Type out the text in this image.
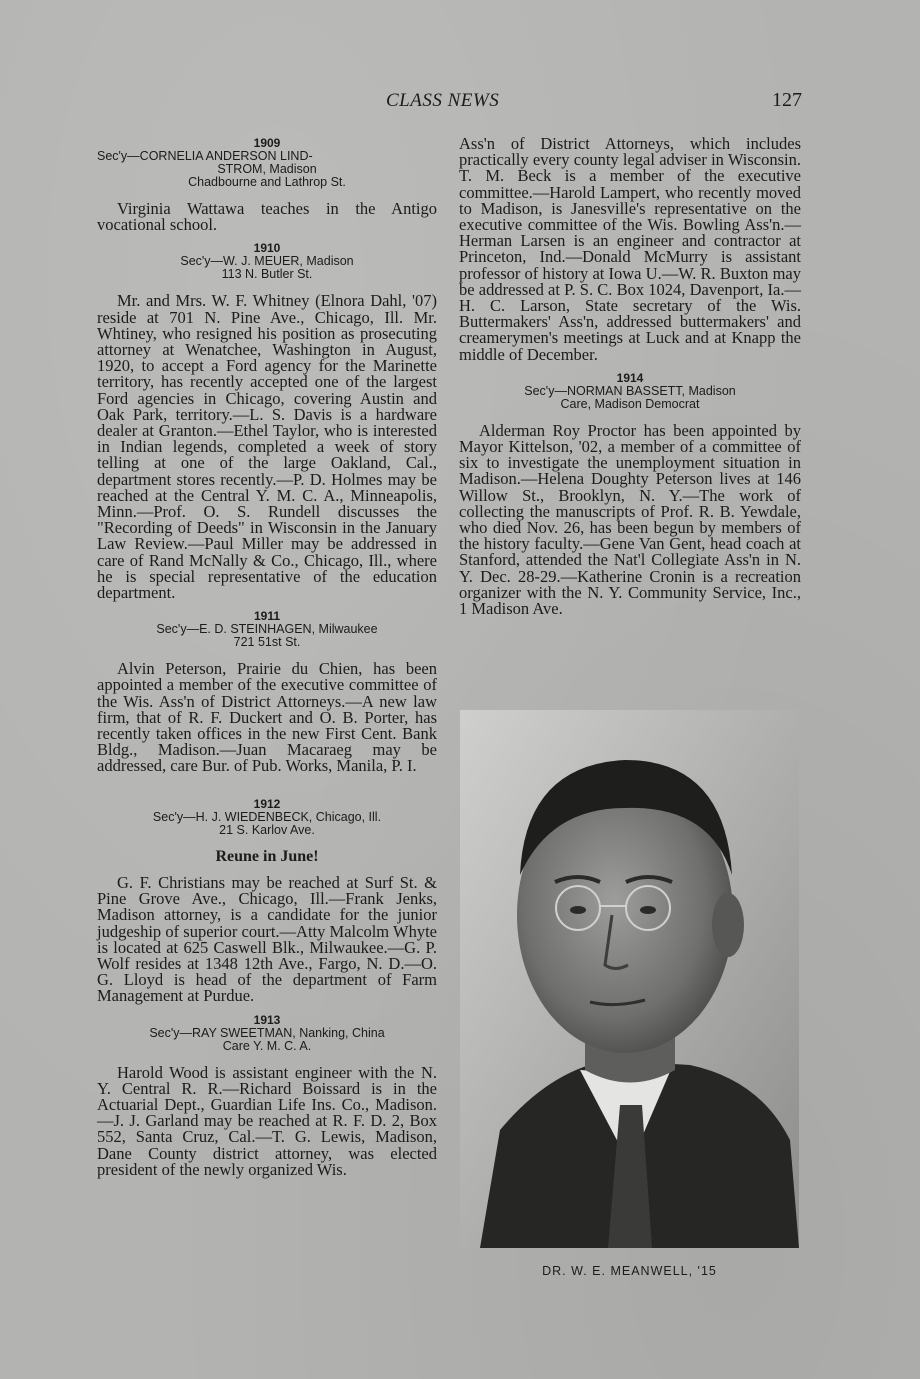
CLASS NEWS	127
1909
Sec'y—CORNELIA ANDERSON LIND-
STROM, Madison
Chadbourne and Lathrop St.

Virginia Wattawa teaches in the Antigo vocational school.

1910
Sec'y—W. J. MEUER, Madison
113 N. Butler St.

Mr. and Mrs. W. F. Whitney (Elnora Dahl, '07) reside at 701 N. Pine Ave., Chicago, Ill. Mr. Whtiney, who resigned his position as prosecuting attorney at Wenatchee, Washington in August, 1920, to accept a Ford agency for the Marinette territory, has recently accepted one of the largest Ford agencies in Chicago, covering Austin and Oak Park, territory.—L. S. Davis is a hardware dealer at Granton.—Ethel Taylor, who is interested in Indian legends, completed a week of story telling at one of the large Oakland, Cal., department stores recently.—P. D. Holmes may be reached at the Central Y. M. C. A., Minneapolis, Minn.—Prof. O. S. Rundell discusses the "Recording of Deeds" in Wisconsin in the January Law Review.—Paul Miller may be addressed in care of Rand McNally & Co., Chicago, Ill., where he is special representative of the education department.

1911
Sec'y—E. D. STEINHAGEN, Milwaukee
721 51st St.

Alvin Peterson, Prairie du Chien, has been appointed a member of the executive committee of the Wis. Ass'n of District Attorneys.—A new law firm, that of R. F. Duckert and O. B. Porter, has recently taken offices in the new First Cent. Bank Bldg., Madison.—Juan Macaraeg may be addressed, care Bur. of Pub. Works, Manila, P. I.

1912
Sec'y—H. J. WIEDENBECK, Chicago, Ill.
21 S. Karlov Ave.
Reune in June!

G. F. Christians may be reached at Surf St. & Pine Grove Ave., Chicago, Ill.—Frank Jenks, Madison attorney, is a candidate for the junior judgeship of superior court.—Atty Malcolm Whyte is located at 625 Caswell Blk., Milwaukee.—G. P. Wolf resides at 1348 12th Ave., Fargo, N. D.—O. G. Lloyd is head of the department of Farm Management at Purdue.

1913
Sec'y—RAY SWEETMAN, Nanking, China
Care Y. M. C. A.

Harold Wood is assistant engineer with the N. Y. Central R. R.—Richard Boissard is in the Actuarial Dept., Guardian Life Ins. Co., Madison.—J. J. Garland may be reached at R. F. D. 2, Box 552, Santa Cruz, Cal.—T. G. Lewis, Madison, Dane County district attorney, was elected president of the newly organized Wis.

Ass'n of District Attorneys, which includes practically every county legal adviser in Wisconsin. T. M. Beck is a member of the executive committee.—Harold Lampert, who recently moved to Madison, is Janesville's representative on the executive committee of the Wis. Bowling Ass'n.—Herman Larsen is an engineer and contractor at Princeton, Ind.—Donald McMurry is assistant professor of history at Iowa U.—W. R. Buxton may be addressed at P. S. C. Box 1024, Davenport, Ia.—H. C. Larson, State secretary of the Wis. Buttermakers' Ass'n, addressed buttermakers' and creamerymen's meetings at Luck and at Knapp the middle of December.

1914
Sec'y—NORMAN BASSETT, Madison
Care, Madison Democrat

Alderman Roy Proctor has been appointed by Mayor Kittelson, '02, a member of a committee of six to investigate the unemployment situation in Madison.—Helena Doughty Peterson lives at 146 Willow St., Brooklyn, N. Y.—The work of collecting the manuscripts of Prof. R. B. Yewdale, who died Nov. 26, has been begun by members of the history faculty.—Gene Van Gent, head coach at Stanford, attended the Nat'l Collegiate Ass'n in N. Y. Dec. 28-29.—Katherine Cronin is a recreation organizer with the N. Y. Community Service, Inc., 1 Madison Ave.

DR. W. E. MEANWELL, '15
